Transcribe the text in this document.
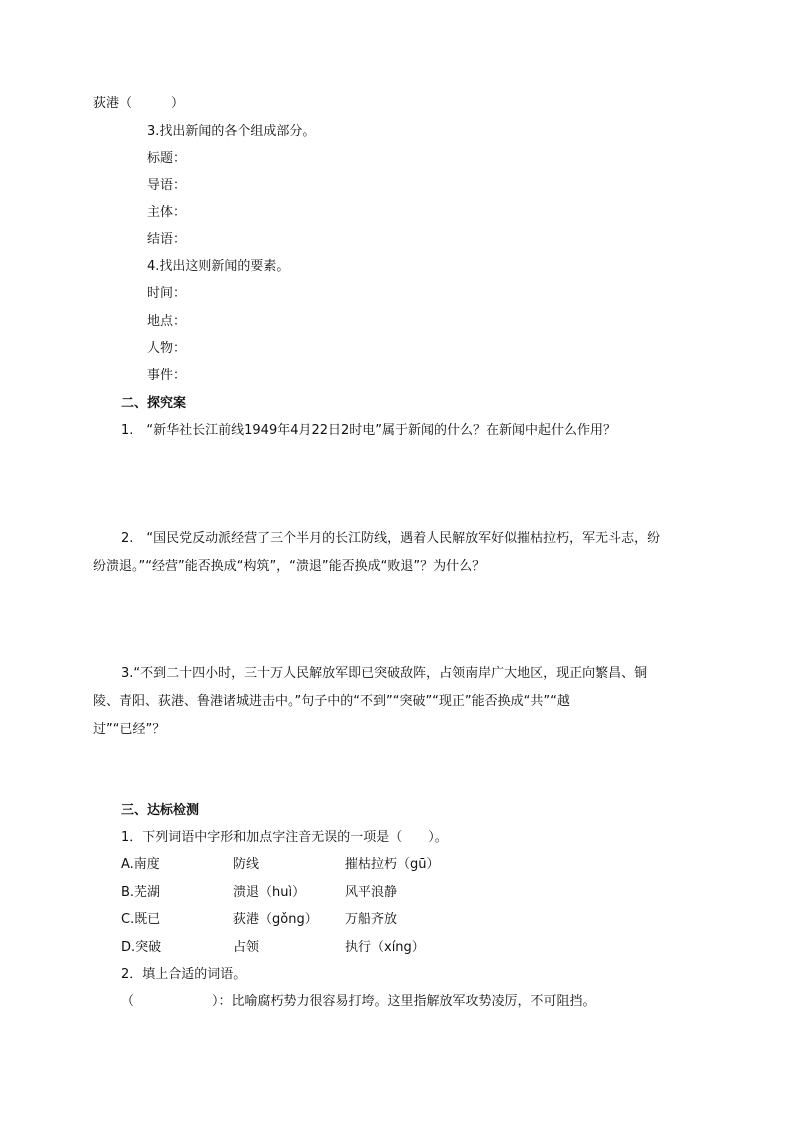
荻港（　　　）
3.找出新闻的各个组成部分。
标题：
导语：
主体：
结语：
4.找出这则新闻的要素。
时间：
地点：
人物：
事件：
二、探究案
1.　“新华社长江前线1949年4月22日2时电”属于新闻的什么？在新闻中起什么作用？
2.　“国民党反动派经营了三个半月的长江防线，遇着人民解放军好似摧枯拉朽，军无斗志，纷
纷溃退。”“经营”能否换成“构筑”，“溃退”能否换成“败退”？为什么？
3.“不到二十四小时，三十万人民解放军即已突破敌阵，占领南岸广大地区，现正向繁昌、铜
陵、青阳、荻港、鲁港诸城进击中。”句子中的“不到”“突破”“现正”能否换成“共”“越
过”“已经”？
三、达标检测
1．下列词语中字形和加点字注音无误的一项是（　　）。
A.南度	防线	摧枯拉朽（gū）
B.芜湖	溃退（huì）	风平浪静
C.既已	荻港（gǒng） 万船齐放
D.突破	占领	执行（xíng）
2．填上合适的词语。
（　　　　　　）：比喻腐朽势力很容易打垮。这里指解放军攻势凌厉，不可阻挡。
